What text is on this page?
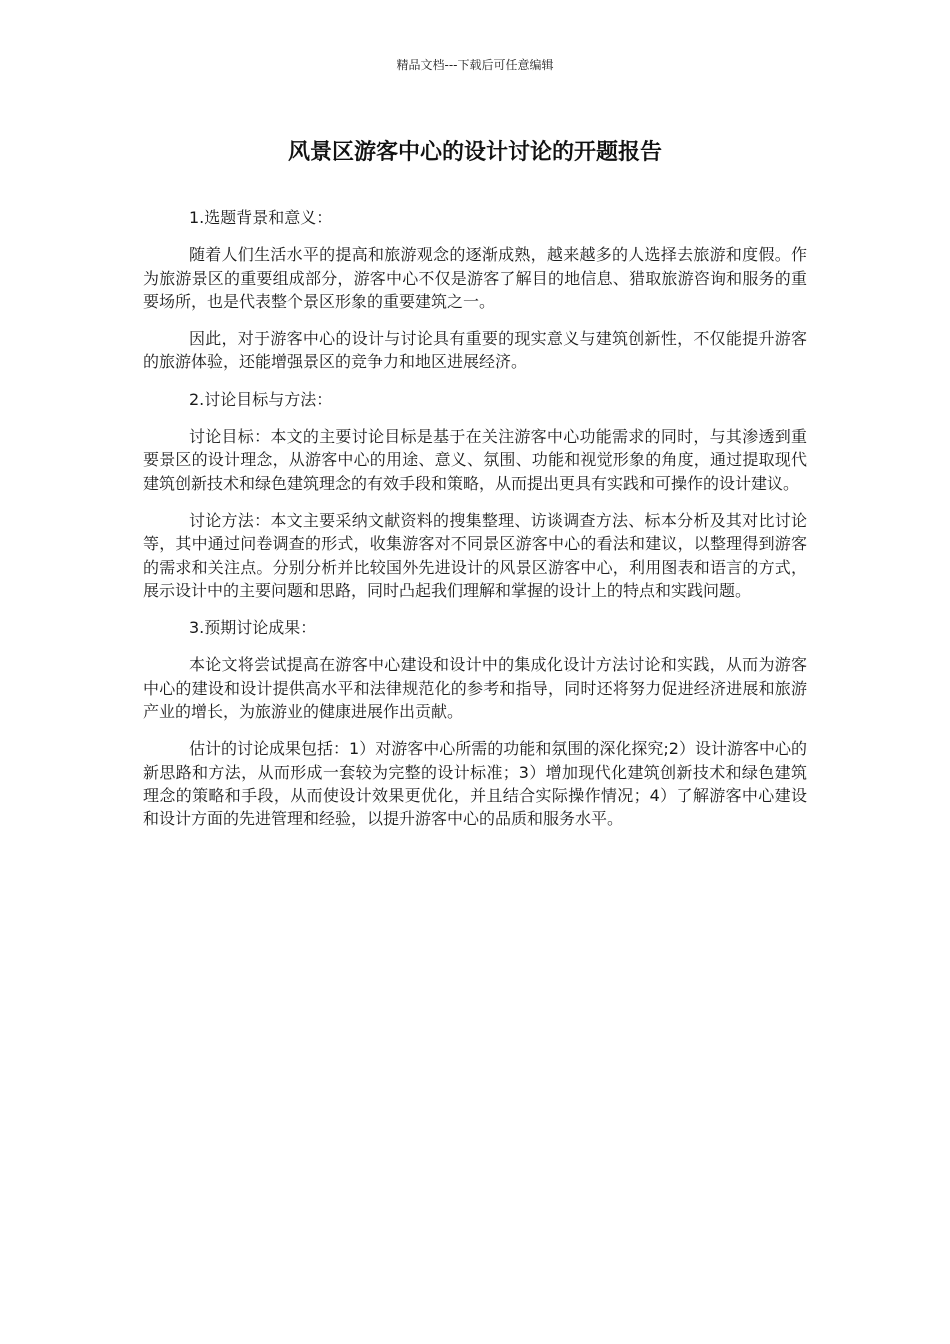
精品文档---下载后可任意编辑
风景区游客中心的设计讨论的开题报告

1.选题背景和意义：

随着人们生活水平的提高和旅游观念的逐渐成熟，越来越多的人选择去旅游和度假。作为旅游景区的重要组成部分，游客中心不仅是游客了解目的地信息、猎取旅游咨询和服务的重要场所，也是代表整个景区形象的重要建筑之一。

因此，对于游客中心的设计与讨论具有重要的现实意义与建筑创新性，不仅能提升游客的旅游体验，还能增强景区的竞争力和地区进展经济。

2.讨论目标与方法：

讨论目标：本文的主要讨论目标是基于在关注游客中心功能需求的同时，与其渗透到重要景区的设计理念，从游客中心的用途、意义、氛围、功能和视觉形象的角度，通过提取现代建筑创新技术和绿色建筑理念的有效手段和策略，从而提出更具有实践和可操作的设计建议。

讨论方法：本文主要采纳文献资料的搜集整理、访谈调查方法、标本分析及其对比讨论等，其中通过问卷调查的形式，收集游客对不同景区游客中心的看法和建议，以整理得到游客的需求和关注点。分别分析并比较国外先进设计的风景区游客中心，利用图表和语言的方式，展示设计中的主要问题和思路，同时凸起我们理解和掌握的设计上的特点和实践问题。

3.预期讨论成果：

本论文将尝试提高在游客中心建设和设计中的集成化设计方法讨论和实践，从而为游客中心的建设和设计提供高水平和法律规范化的参考和指导，同时还将努力促进经济进展和旅游产业的增长，为旅游业的健康进展作出贡献。

估计的讨论成果包括：1）对游客中心所需的功能和氛围的深化探究;2）设计游客中心的新思路和方法，从而形成一套较为完整的设计标准；3）增加现代化建筑创新技术和绿色建筑理念的策略和手段，从而使设计效果更优化，并且结合实际操作情况；4）了解游客中心建设和设计方面的先进管理和经验，以提升游客中心的品质和服务水平。
